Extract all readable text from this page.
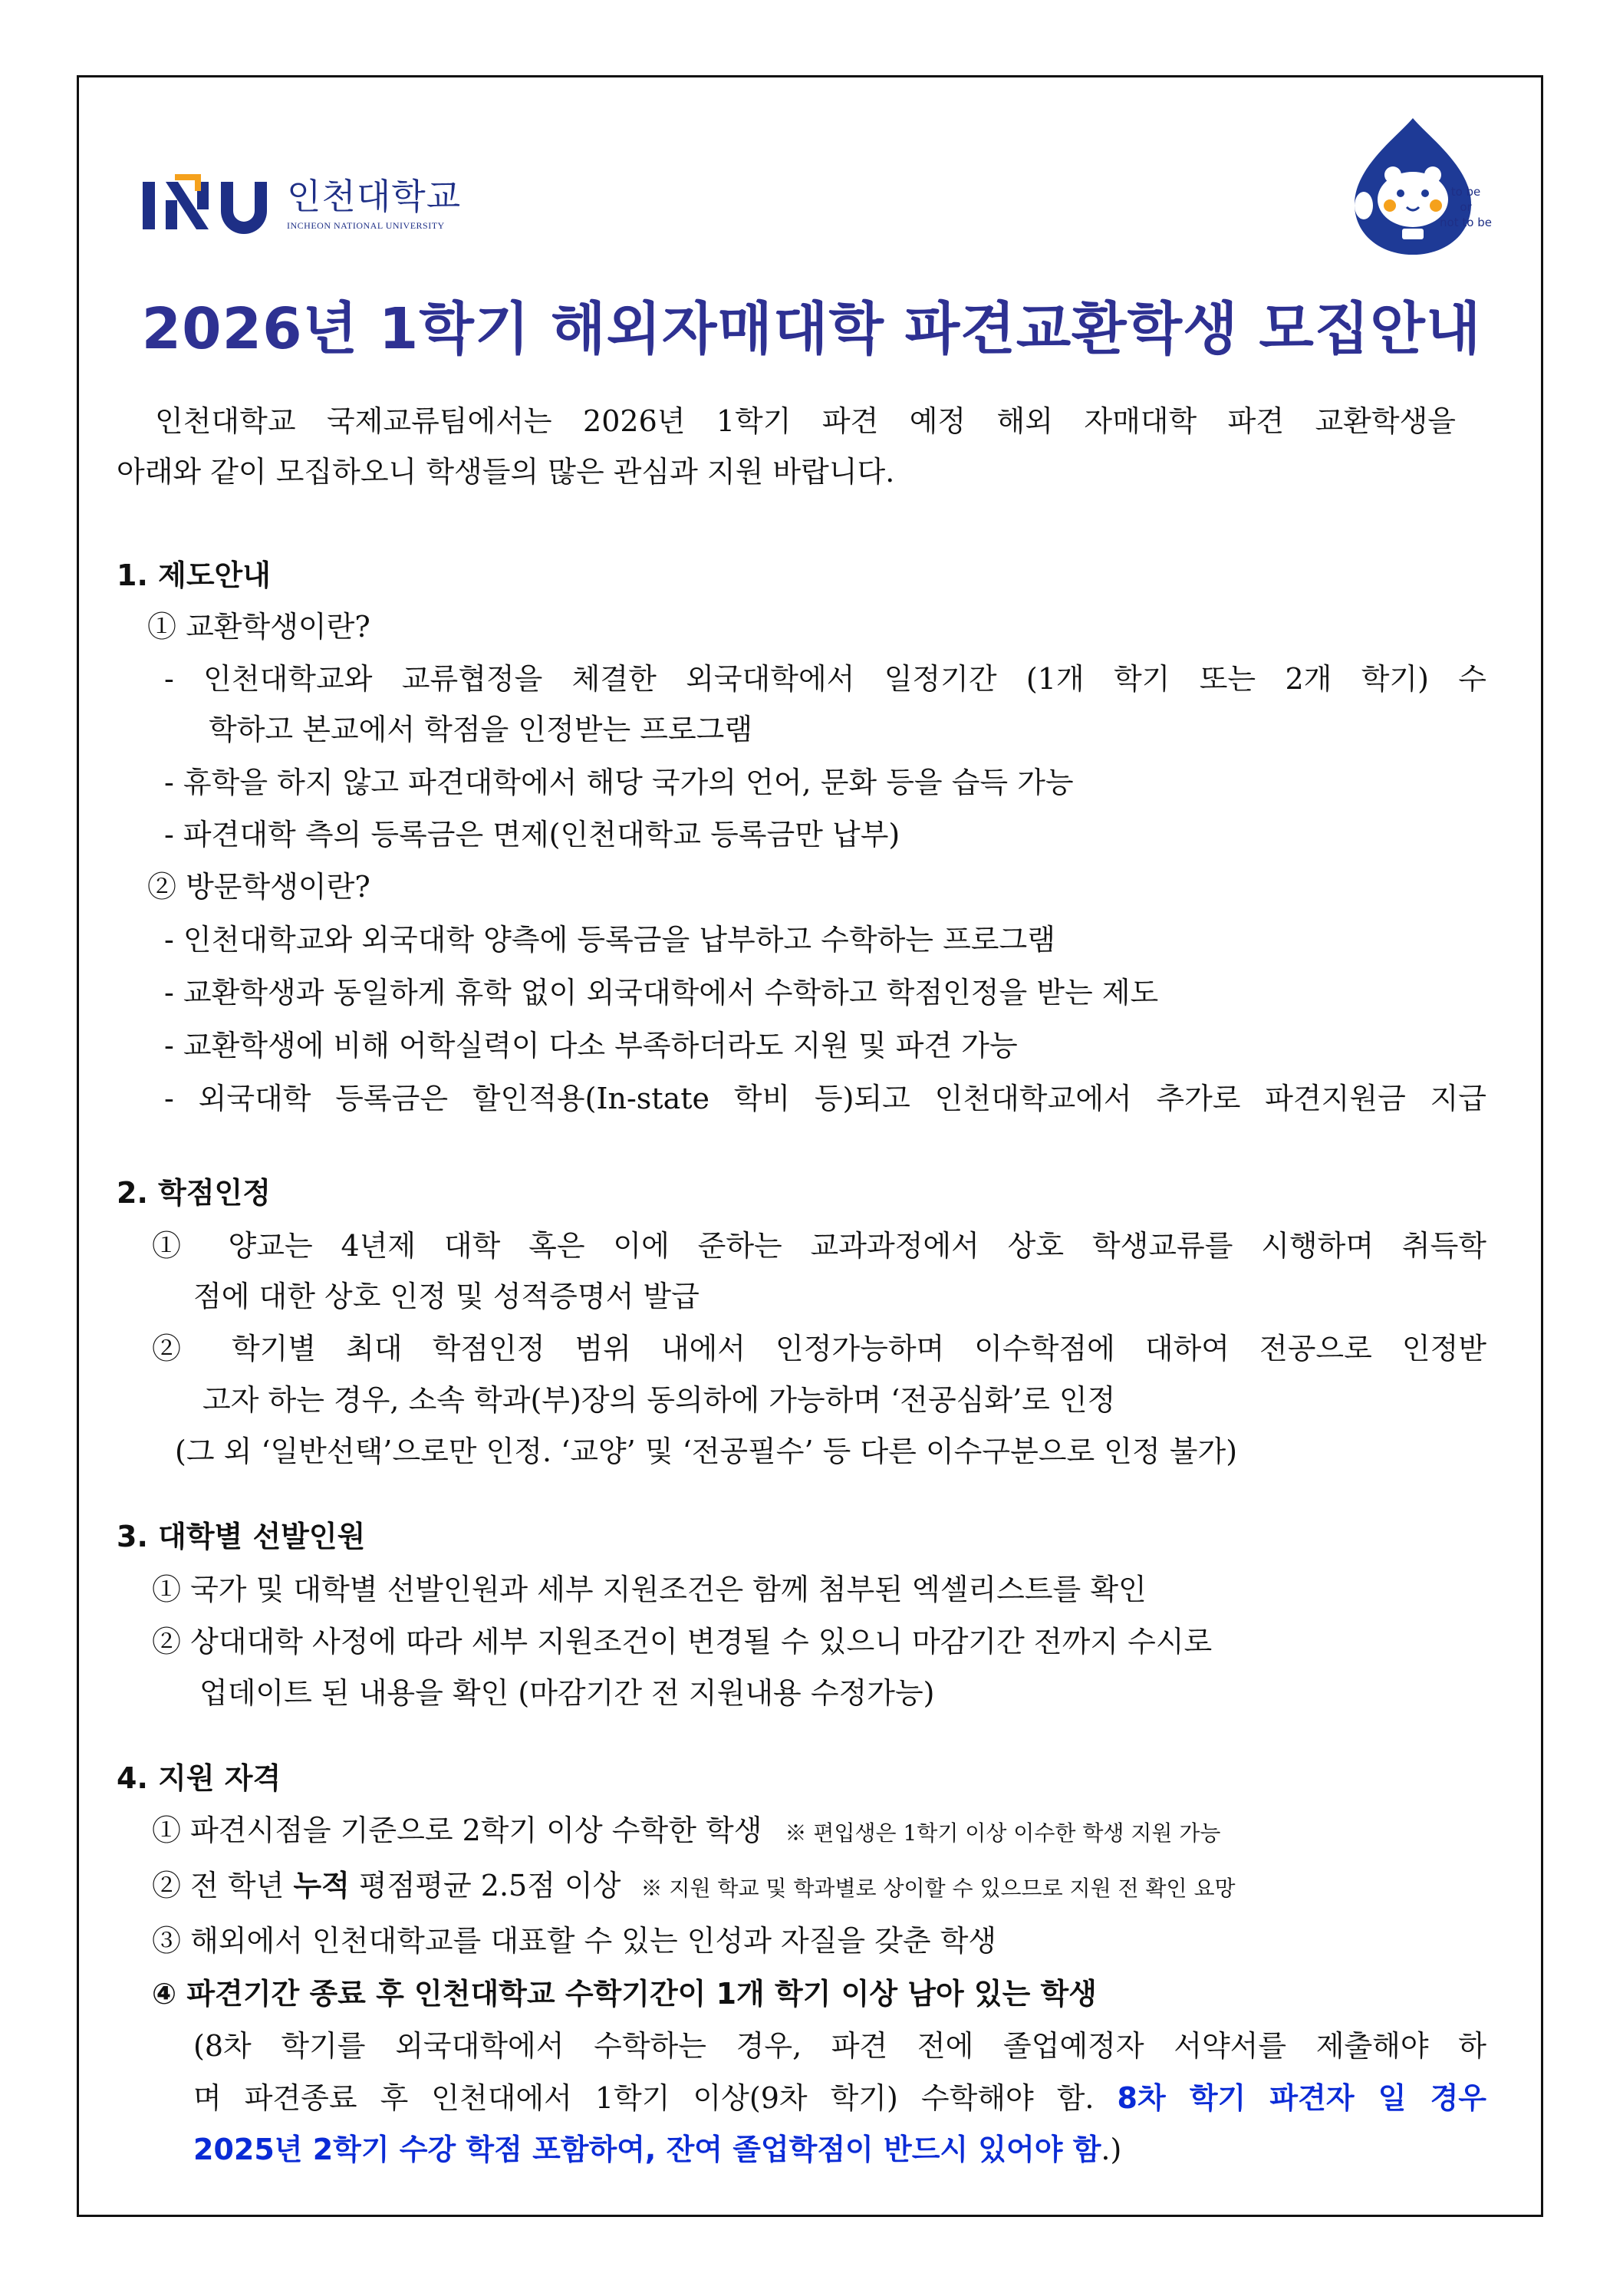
인천대학교
INCHEON NATIONAL UNIVERSITY
to be
or
not to be
2026년 1학기 해외자매대학 파견교환학생 모집안내
인천대학교 국제교류팀에서는 2026년 1학기 파견 예정 해외 자매대학 파견 교환학생을
아래와 같이 모집하오니 학생들의 많은 관심과 지원 바랍니다.
1. 제도안내
① 교환학생이란?
- 인천대학교와 교류협정을 체결한 외국대학에서 일정기간 (1개 학기 또는 2개 학기) 수
학하고 본교에서 학점을 인정받는 프로그램
- 휴학을 하지 않고 파견대학에서 해당 국가의 언어, 문화 등을 습득 가능
- 파견대학 측의 등록금은 면제(인천대학교 등록금만 납부)
② 방문학생이란?
- 인천대학교와 외국대학 양측에 등록금을 납부하고 수학하는 프로그램
- 교환학생과 동일하게 휴학 없이 외국대학에서 수학하고 학점인정을 받는 제도
- 교환학생에 비해 어학실력이 다소 부족하더라도 지원 및 파견 가능
- 외국대학 등록금은 할인적용(In-state 학비 등)되고 인천대학교에서 추가로 파견지원금 지급
2. 학점인정
① 양교는 4년제 대학 혹은 이에 준하는 교과과정에서 상호 학생교류를 시행하며 취득학
점에 대한 상호 인정 및 성적증명서 발급
② 학기별 최대 학점인정 범위 내에서 인정가능하며 이수학점에 대하여 전공으로 인정받
고자 하는 경우, 소속 학과(부)장의 동의하에 가능하며 ‘전공심화’로 인정
(그 외 ‘일반선택’으로만 인정. ‘교양’ 및 ‘전공필수’ 등 다른 이수구분으로 인정 불가)
3. 대학별 선발인원
① 국가 및 대학별 선발인원과 세부 지원조건은 함께 첨부된 엑셀리스트를 확인
② 상대대학 사정에 따라 세부 지원조건이 변경될 수 있으니 마감기간 전까지 수시로
업데이트 된 내용을 확인 (마감기간 전 지원내용 수정가능)
4. 지원 자격
① 파견시점을 기준으로 2학기 이상 수학한 학생 ※ 편입생은 1학기 이상 이수한 학생 지원 가능
② 전 학년 누적 평점평균 2.5점 이상 ※ 지원 학교 및 학과별로 상이할 수 있으므로 지원 전 확인 요망
③ 해외에서 인천대학교를 대표할 수 있는 인성과 자질을 갖춘 학생
④ 파견기간 종료 후 인천대학교 수학기간이 1개 학기 이상 남아 있는 학생
(8차 학기를 외국대학에서 수학하는 경우, 파견 전에 졸업예정자 서약서를 제출해야 하
며 파견종료 후 인천대에서 1학기 이상(9차 학기) 수학해야 함. 8차 학기 파견자 일 경우
2025년 2학기 수강 학점 포함하여, 잔여 졸업학점이 반드시 있어야 함.)
